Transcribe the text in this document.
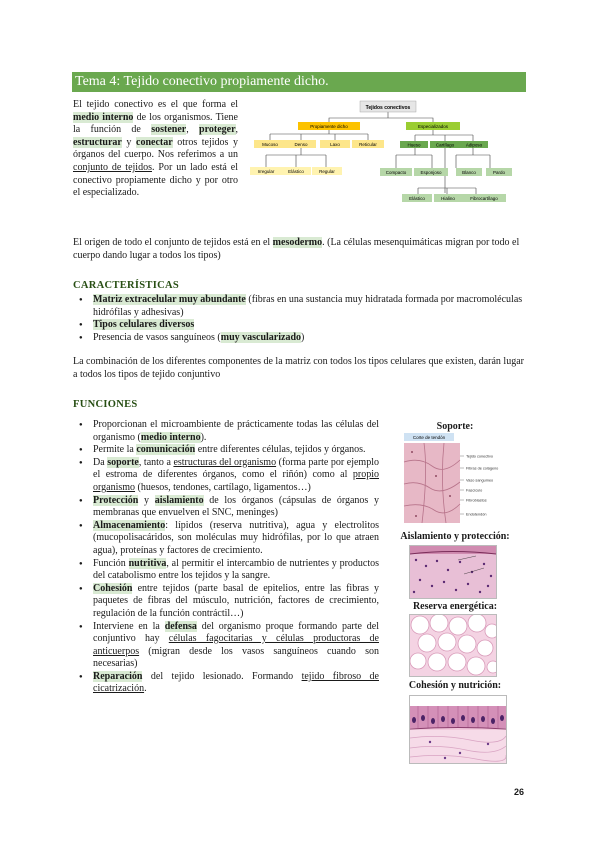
Tema 4: Tejido conectivo propiamente dicho.
El tejido conectivo es el que forma el medio interno de los organismos. Tiene la función de sostener, proteger, estructurar y conectar otros tejidos y órganos del cuerpo. Nos referimos a un conjunto de tejidos. Por un lado está el conectivo propiamente dicho y por otro el especializado.
Tejidos conectivos
Propiamente dicho	Especializados
Mucoso	Denso	Laxo	Reticular
Irregular	Elástico	Regular
Hueso	Cartílago	Adiposo
Compacto	Esponjoso	Blanco	Pardo
Elástico	Hialino	Fibrocartílago
El origen de todo el conjunto de tejidos está en el mesodermo. (La células mesenquimáticas migran por todo el cuerpo dando lugar a todos los tipos)
CARACTERÍSTICAS
● Matriz extracelular muy abundante (fibras en una sustancia muy hidratada formada por macromoléculas hidrófilas y adhesivas)
● Tipos celulares diversos
● Presencia de vasos sanguíneos (muy vascularizado)
La combinación de los diferentes componentes de la matriz con todos los tipos celulares que existen, darán lugar a todos los tipos de tejido conjuntivo
FUNCIONES
● Proporcionan el microambiente de prácticamente todas las células del organismo (medio interno).
● Permite la comunicación entre diferentes células, tejidos y órganos.
● Da soporte, tanto a estructuras del organismo (forma parte por ejemplo el estroma de diferentes órganos, como el riñón) como al propio organismo (huesos, tendones, cartílago, ligamentos…)
● Protección y aislamiento de los órganos (cápsulas de órganos y membranas que envuelven el SNC, meninges)
● Almacenamiento: lípidos (reserva nutritiva), agua y electrolitos (mucopolisacáridos, son moléculas muy hidrófilas, por lo que atraen agua), proteínas y factores de crecimiento.
● Función nutritiva, al permitir el intercambio de nutrientes y productos del catabolismo entre los tejidos y la sangre.
● Cohesión entre tejidos (parte basal de epitelios, entre las fibras y paquetes de fibras del músculo, nutrición, factores de crecimiento, regulación de la función contráctil…)
● Interviene en la defensa del organismo proque formando parte del conjuntivo hay células fagocitarias y células productoras de anticuerpos (migran desde los vasos sanguíneos cuando son necesarias)
● Reparación del tejido lesionado. Formando tejido fibroso de cicatrización.
Soporte:
Corte de tendón
Tejido conectivo
Fibras de colágeno
Vaso sanguíneo
Fascículo
Fibroblastos
Endotendón
Aislamiento y protección:
Reserva energética:
Cohesión y nutrición:
26
